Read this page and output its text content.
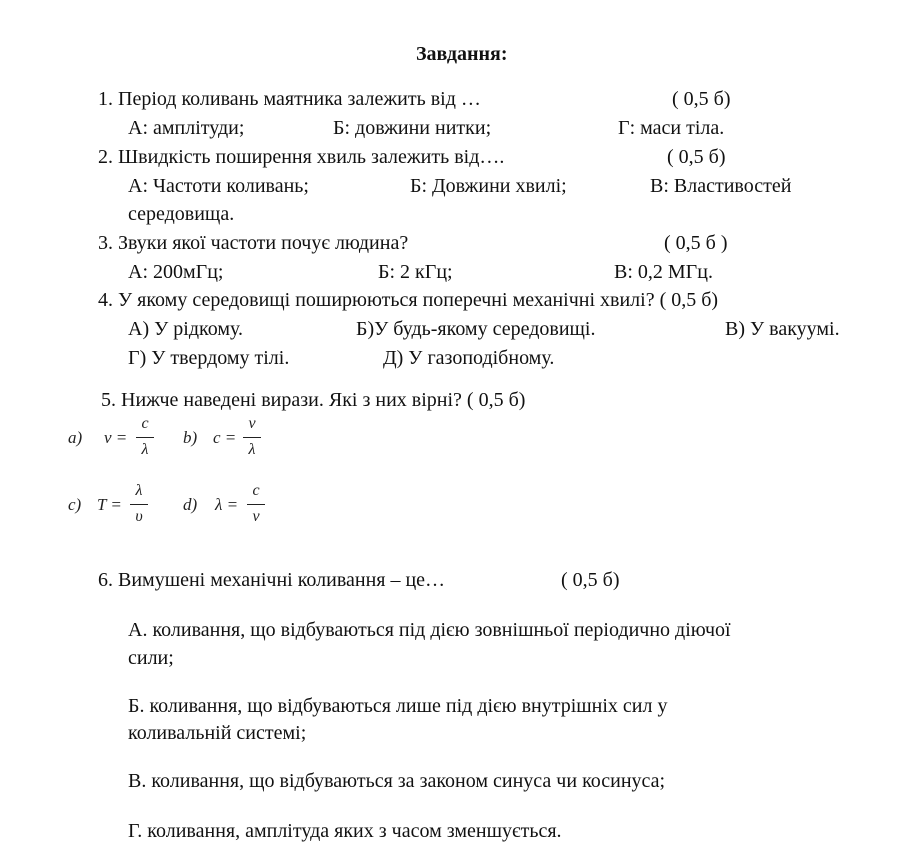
Завдання:
1. Період коливань маятника залежить від …	( 0,5 б)
А: амплітуди;	Б: довжини нитки;	Г: маси тіла.
2. Швидкість поширення хвиль залежить від….	( 0,5 б)
А: Частоти коливань;	Б: Довжини хвилі;	В: Властивостей
середовища.
3. Звуки якої частоти почує людина?	( 0,5 б )
А: 200мГц;	Б: 2 кГц;	В: 0,2 МГц.
4. У якому середовищі поширюються поперечні механічні хвилі? ( 0,5 б)
А) У рідкому.	Б)У будь-якому середовищі.	В) У вакуумі.
Г) У твердому тілі.	Д) У газоподібному.
5. Нижче наведені вирази. Які з них вірні? ( 0,5 б)
a) ν =
c
λ
b) c =
ν
λ
c) T =
λ
υ
d) λ =
c
ν
6. Вимушені механічні коливання – це…	( 0,5 б)
А. коливання, що відбуваються під дією зовнішньої періодично діючої
сили;
Б. коливання, що відбуваються лише під дією внутрішніх сил у
коливальній системі;
В. коливання, що відбуваються за законом синуса чи косинуса;
Г. коливання, амплітуда яких з часом зменшується.
